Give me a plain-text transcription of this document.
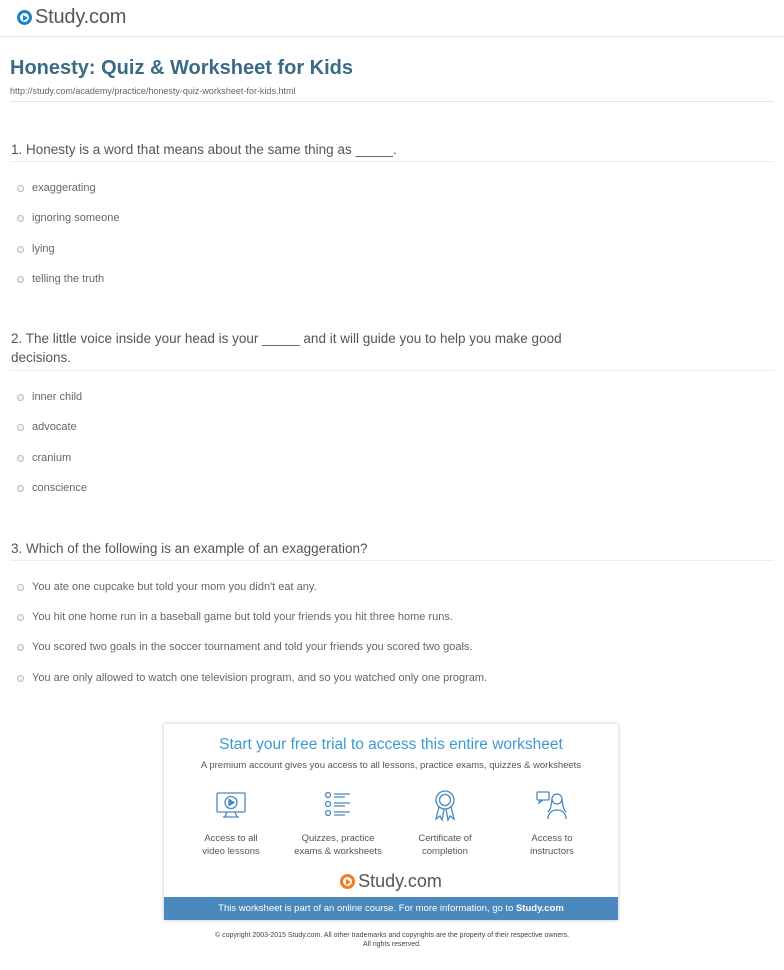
Study.com
Honesty: Quiz & Worksheet for Kids
http://study.com/academy/practice/honesty-quiz-worksheet-for-kids.html
1. Honesty is a word that means about the same thing as _____.
exaggerating
ignoring someone
lying
telling the truth
2. The little voice inside your head is your _____ and it will guide you to help you make good decisions.
inner child
advocate
cranium
conscience
3. Which of the following is an example of an exaggeration?
You ate one cupcake but told your mom you didn't eat any.
You hit one home run in a baseball game but told your friends you hit three home runs.
You scored two goals in the soccer tournament and told your friends you scored two goals.
You are only allowed to watch one television program, and so you watched only one program.
Start your free trial to access this entire worksheet
A premium account gives you access to all lessons, practice exams, quizzes & worksheets
Access to all
video lessons
Quizzes, practice
exams & worksheets
Certificate of
completion
Access to
instructors
Study.com
This worksheet is part of an online course. For more information, go to Study.com
© copyright 2003-2015 Study.com. All other trademarks and copyrights are the property of their respective owners.
All rights reserved.
